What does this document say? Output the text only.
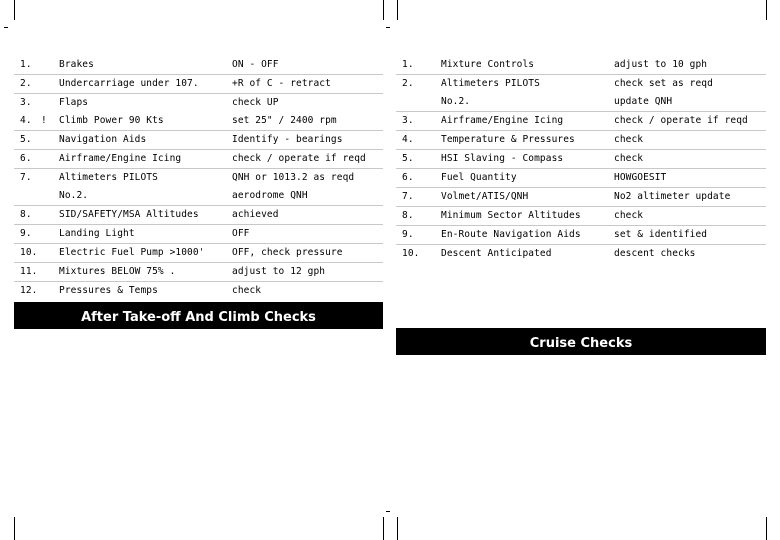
1.	Brakes	ON - OFF
2.	Undercarriage under 107.	+R of C - retract
3.	Flaps	check UP
4. ! Climb Power 90 Kts	set 25" / 2400 rpm
5.	Navigation Aids	Identify - bearings
6.	Airframe/Engine Icing	check / operate if reqd
7.	Altimeters PILOTS	QNH or 1013.2 as reqd
No.2.	aerodrome QNH
8.	SID/SAFETY/MSA Altitudes	achieved
9.	Landing Light	OFF
10. Electric Fuel Pump >1000'	OFF, check pressure
11. Mixtures BELOW 75% .	adjust to 12 gph
12. Pressures & Temps	check
After Take-off And Climb Checks
1.	Mixture Controls	adjust to 10 gph
2.	Altimeters PILOTS	check set as reqd
No.2.	update QNH
3.	Airframe/Engine Icing	check / operate if reqd
4.	Temperature & Pressures	check
5.	HSI Slaving - Compass	check
6.	Fuel Quantity	HOWGOESIT
7.	Volmet/ATIS/QNH	No2 altimeter update
8.	Minimum Sector Altitudes	check
9.	En-Route Navigation Aids	set & identified
10. Descent Anticipated	descent checks
Cruise Checks
